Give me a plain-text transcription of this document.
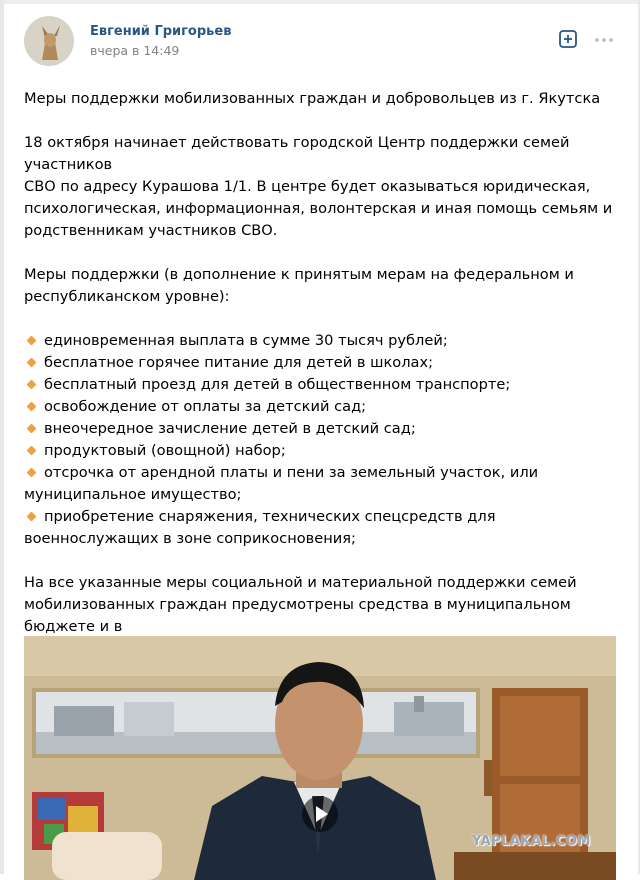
Евгений Григорьев
вчера в 14:49

Меры поддержки мобилизованных граждан и добровольцев из г. Якутска

18 октября начинает действовать городской Центр поддержки семей участников
СВО по адресу Курашова 1/1. В центре будет оказываться юридическая,
психологическая, информационная, волонтерская и иная помощь семьям и
родственникам участников СВО.

Меры поддержки (в дополнение к принятым мерам на федеральном и
республиканском уровне):

единовременная выплата в сумме 30 тысяч рублей;
бесплатное горячее питание для детей в школах;
бесплатный проезд для детей в общественном транспорте;
освобождение от оплаты за детский сад;
внеочередное зачисление детей в детский сад;
продуктовый (овощной) набор;
отсрочка от арендной платы и пени за земельный участок, или муниципальное имущество;
приобретение снаряжения, технических спецсредств для военнослужащих в зоне соприкосновения;

На все указанные меры социальной и материальной поддержки семей
мобилизованных граждан предусмотрены средства в муниципальном бюджете и в

YAPLAKAL.COM
